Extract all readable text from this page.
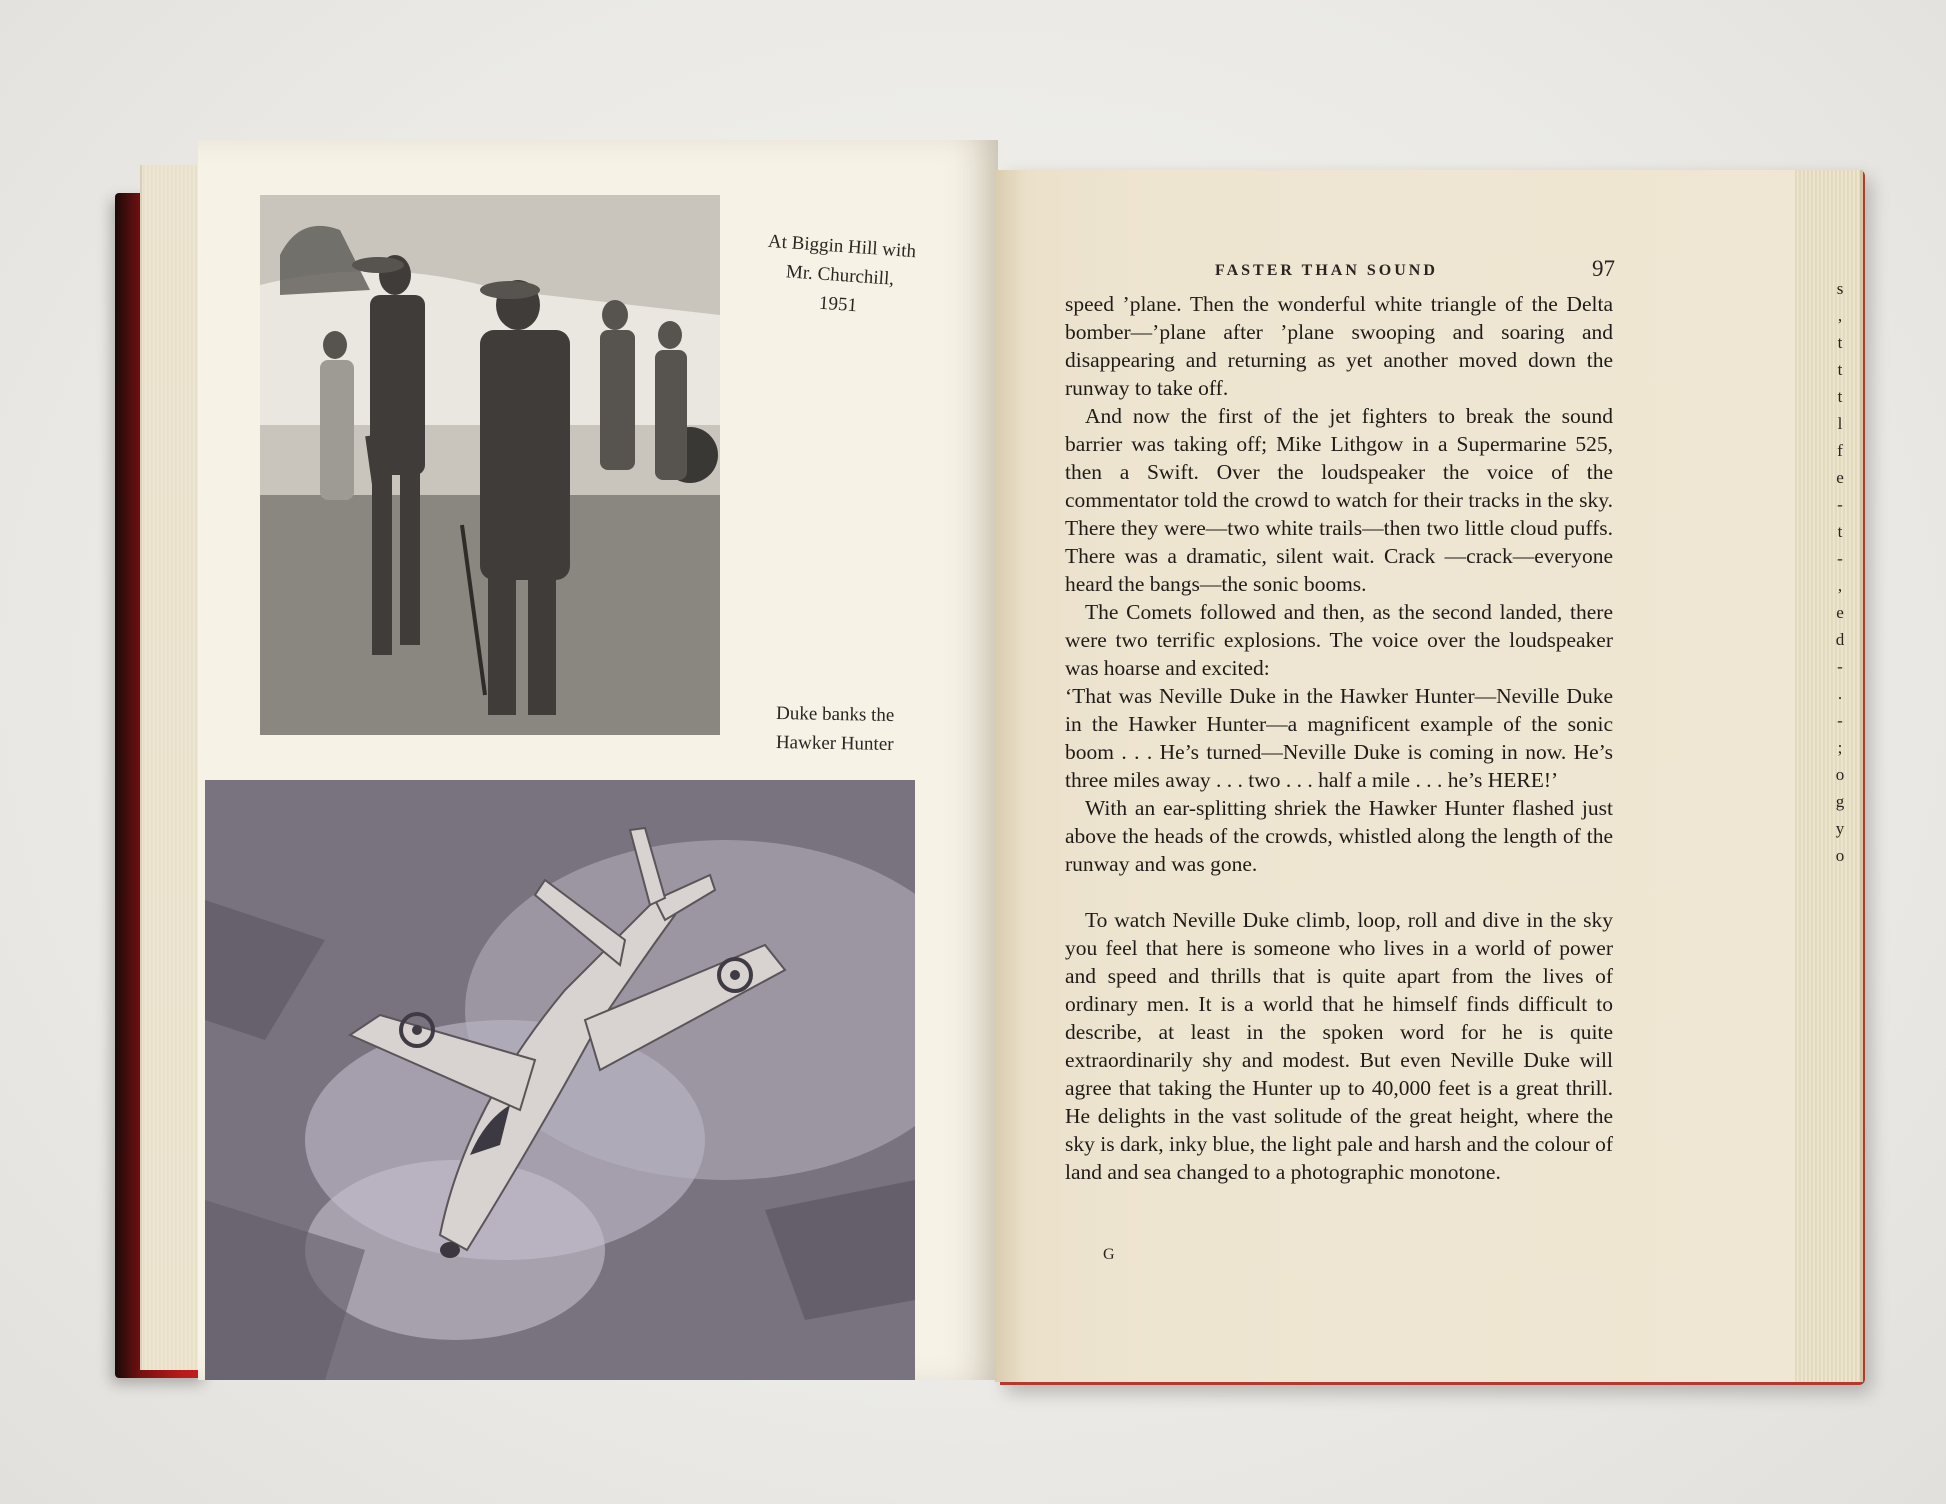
At Biggin Hill with
Mr. Churchill,
1951
Duke banks the
Hawker Hunter
FASTER THAN SOUND	97

speed ’plane. Then the wonderful white triangle of the Delta bomber—’plane after ’plane swooping and soaring and disappearing and returning as yet another moved down the runway to take off.

And now the first of the jet fighters to break the sound barrier was taking off; Mike Lithgow in a Supermarine 525, then a Swift. Over the loudspeaker the voice of the commentator told the crowd to watch for their tracks in the sky. There they were—two white trails—then two little cloud puffs. There was a dramatic, silent wait. Crack —crack—everyone heard the bangs—the sonic booms.

The Comets followed and then, as the second landed, there were two terrific explosions. The voice over the loudspeaker was hoarse and excited:

‘That was Neville Duke in the Hawker Hunter—Neville Duke in the Hawker Hunter—a magnificent example of the sonic boom . . . He’s turned—Neville Duke is coming in now. He’s three miles away . . . two . . . half a mile . . . he’s HERE!’

With an ear-splitting shriek the Hawker Hunter flashed just above the heads of the crowds, whistled along the length of the runway and was gone.

To watch Neville Duke climb, loop, roll and dive in the sky you feel that here is someone who lives in a world of power and speed and thrills that is quite apart from the lives of ordinary men. It is a world that he himself finds difficult to describe, at least in the spoken word for he is quite extraordinarily shy and modest. But even Neville Duke will agree that taking the Hunter up to 40,000 feet is a great thrill. He delights in the vast solitude of the great height, where the sky is dark, inky blue, the light pale and harsh and the colour of land and sea changed to a photographic monotone.

G
s
,
t
t
t
l
f
e
-
t
-
,
e
d
-
.
-
;
o
g
y
o
